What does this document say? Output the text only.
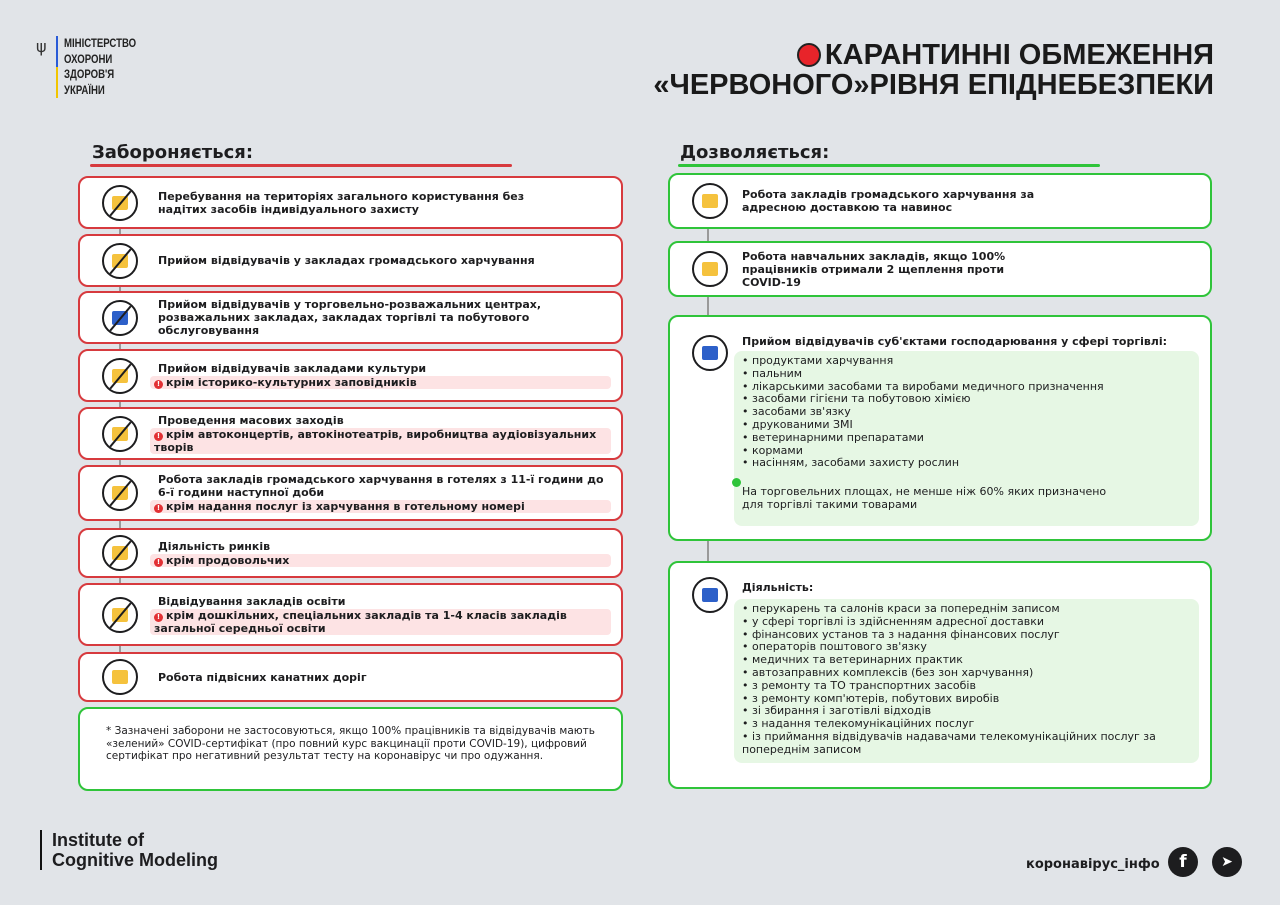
ψ МІНІСТЕРСТВО
ОХОРОНИ
ЗДОРОВ'Я
УКРАЇНИ
КАРАНТИННІ ОБМЕЖЕННЯ
«ЧЕРВОНОГО»РІВНЯ ЕПІДНЕБЕЗПЕКИ
Забороняється:	Дозволяється:
Перебування на територіях загального користування без надітих засобів індивідуального захисту
Прийом відвідувачів у закладах громадського харчування
Прийом відвідувачів у торговельно-розважальних центрах, розважальних закладах, закладах торгівлі та побутового обслуговування
Прийом відвідувачів закладами культури
! крім історико-культурних заповідників
Проведення масових заходів
! крім автоконцертів, автокінотеатрів, виробництва аудіовізуальних творів
Робота закладів громадського харчування в готелях з 11-ї години до 6-ї години наступної доби
! крім надання послуг із харчування в готельному номері
Діяльність ринків
! крім продовольчих
Відвідування закладів освіти
! крім дошкільних, спеціальних закладів та 1-4 класів закладів загальної середньої освіти
Робота підвісних канатних доріг
* Зазначені заборони не застосовуються, якщо 100% працівників та відвідувачів мають «зелений» COVID-сертифікат (про повний курс вакцинації проти COVID-19), цифровий сертифікат про негативний результат тесту на коронавірус чи про одужання.
Робота закладів громадського харчування за адресною доставкою та навинос
Робота навчальних закладів, якщо 100% працівників отримали 2 щеплення проти COVID-19
Прийом відвідувачів суб'єктами господарювання у сфері торгівлі:
• продуктами харчування
• пальним
• лікарськими засобами та виробами медичного призначення
• засобами гігієни та побутовою хімією
• засобами зв'язку
• друкованими ЗМІ
• ветеринарними препаратами
• кормами
• насінням, засобами захисту рослин
На торговельних площах, не менше ніж 60% яких призначено для торгівлі такими товарами
Діяльність:
• перукарень та салонів краси за попереднім записом
• у сфері торгівлі із здійсненням адресної доставки
• фінансових установ та з надання фінансових послуг
• операторів поштового зв'язку
• медичних та ветеринарних практик
• автозаправних комплексів (без зон харчування)
• з ремонту та ТО транспортних засобів
• з ремонту комп'ютерів, побутових виробів
• зі збирання і заготівлі відходів
• з надання телекомунікаційних послуг
• із приймання відвідувачів надавачами телекомунікаційних послуг за попереднім записом
Institute of
Cognitive Modeling	коронавірус_інфо	f	➤
